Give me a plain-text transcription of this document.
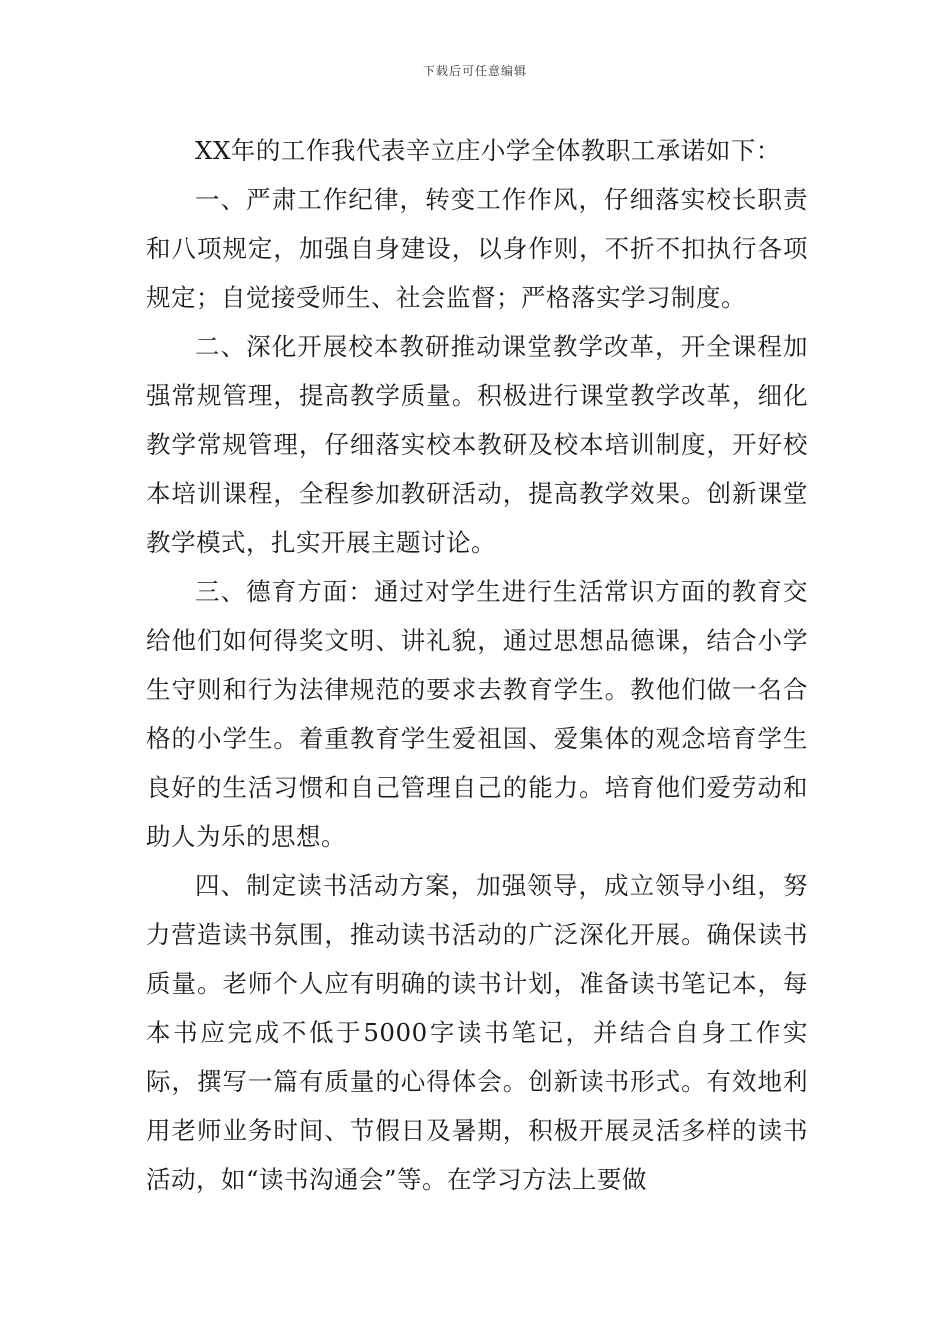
下载后可任意编辑

XX年的工作我代表辛立庄小学全体教职工承诺如下：

一、严肃工作纪律，转变工作作风，仔细落实校长职责和八项规定，加强自身建设，以身作则，不折不扣执行各项规定；自觉接受师生、社会监督；严格落实学习制度。

二、深化开展校本教研推动课堂教学改革，开全课程加强常规管理，提高教学质量。积极进行课堂教学改革，细化教学常规管理，仔细落实校本教研及校本培训制度，开好校本培训课程，全程参加教研活动，提高教学效果。创新课堂教学模式，扎实开展主题讨论。

三、德育方面：通过对学生进行生活常识方面的教育交给他们如何得奖文明、讲礼貌，通过思想品德课，结合小学生守则和行为法律规范的要求去教育学生。教他们做一名合格的小学生。着重教育学生爱祖国、爱集体的观念培育学生良好的生活习惯和自己管理自己的能力。培育他们爱劳动和助人为乐的思想。

四、制定读书活动方案，加强领导，成立领导小组，努力营造读书氛围，推动读书活动的广泛深化开展。确保读书质量。老师个人应有明确的读书计划，准备读书笔记本，每本书应完成不低于5000字读书笔记，并结合自身工作实际，撰写一篇有质量的心得体会。创新读书形式。有效地利用老师业务时间、节假日及暑期，积极开展灵活多样的读书活动，如“读书沟通会”等。在学习方法上要做
